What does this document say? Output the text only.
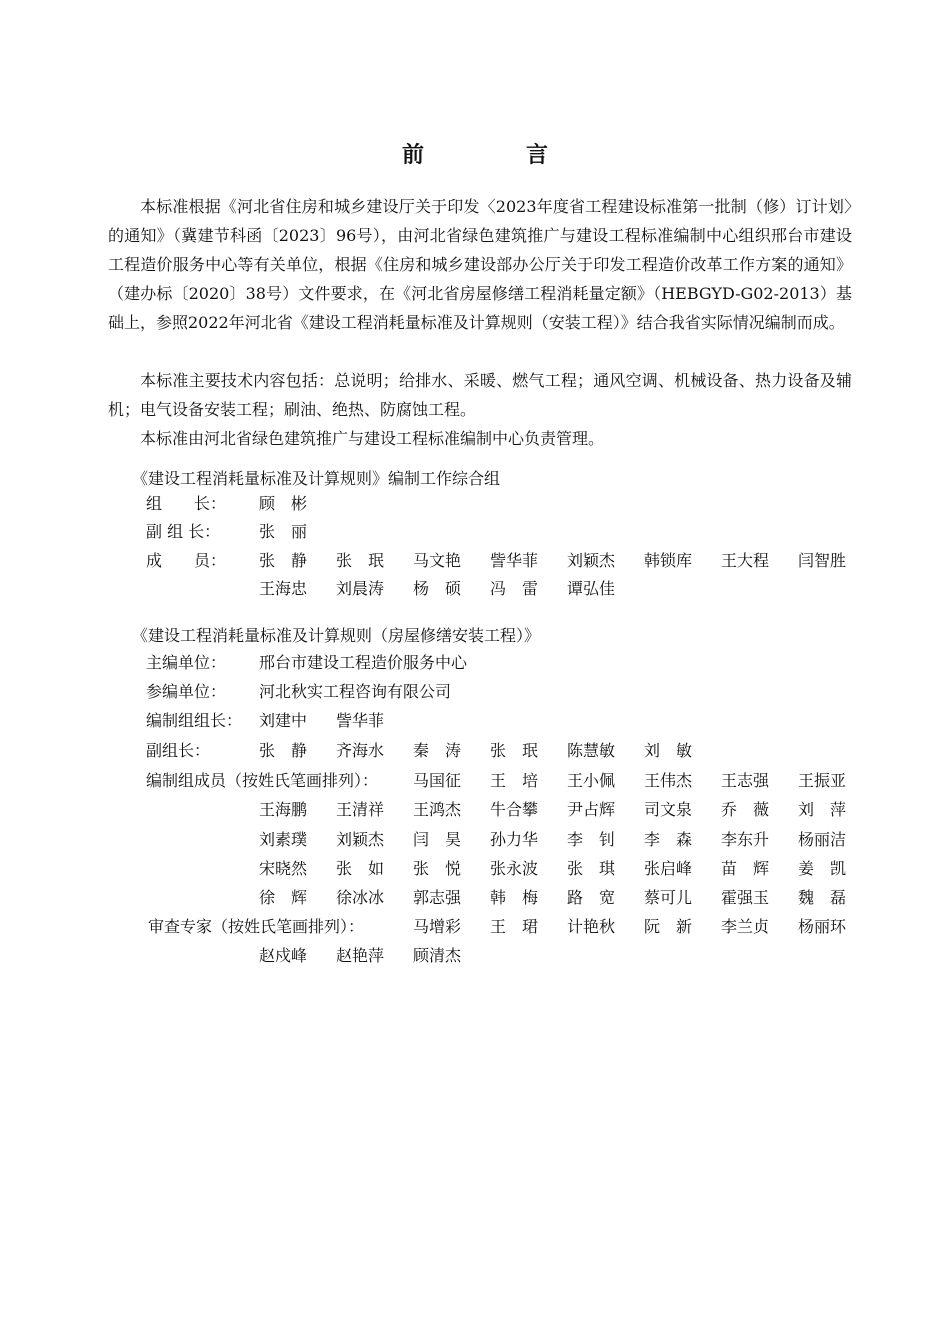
前　言

本标准根据《河北省住房和城乡建设厅关于印发〈2023年度省工程建设标准第一批制（修）订计划〉的通知》（冀建节科函〔2023〕96号），由河北省绿色建筑推广与建设工程标准编制中心组织邢台市建设工程造价服务中心等有关单位，根据《住房和城乡建设部办公厅关于印发工程造价改革工作方案的通知》（建办标〔2020〕38号）文件要求，在《河北省房屋修缮工程消耗量定额》（HEBGYD-G02-2013）基础上，参照2022年河北省《建设工程消耗量标准及计算规则（安装工程）》结合我省实际情况编制而成。

本标准主要技术内容包括：总说明；给排水、采暖、燃气工程；通风空调、机械设备、热力设备及辅机；电气设备安装工程；刷油、绝热、防腐蚀工程。

本标准由河北省绿色建筑推广与建设工程标准编制中心负责管理。

《建设工程消耗量标准及计算规则》编制工作综合组
组　　长： 顾　彬
副 组 长： 张　丽
成　　员： 张　静 张　珉 马文艳 訾华菲 刘颖杰 韩锁库 王大程 闫智胜
王海忠 刘晨涛 杨　硕 冯　雷 谭弘佳
《建设工程消耗量标准及计算规则（房屋修缮安装工程）》
主编单位： 邢台市建设工程造价服务中心
参编单位： 河北秋实工程咨询有限公司
编制组组长： 刘建中 訾华菲
副组长：	张　静 齐海水 秦　涛 张　珉 陈慧敏 刘　敏
编制组成员（按姓氏笔画排列）： 马国征 王　培 王小佩 王伟杰 王志强 王振亚
王海鹏 王清祥 王鸿杰 牛合攀 尹占辉 司文泉 乔　薇 刘　萍
刘素璞 刘颖杰 闫　昊 孙力华 李　钊 李　森 李东升 杨丽洁
宋晓然 张　如 张　悦 张永波 张　琪 张启峰 苗　辉 姜　凯
徐　辉 徐冰冰 郭志强 韩　梅 路　宽 蔡可儿 霍强玉 魏　磊
审查专家（按姓氏笔画排列）：	马增彩 王　珺 计艳秋 阮　新 李兰贞 杨丽环
赵戍峰 赵艳萍 顾清杰
